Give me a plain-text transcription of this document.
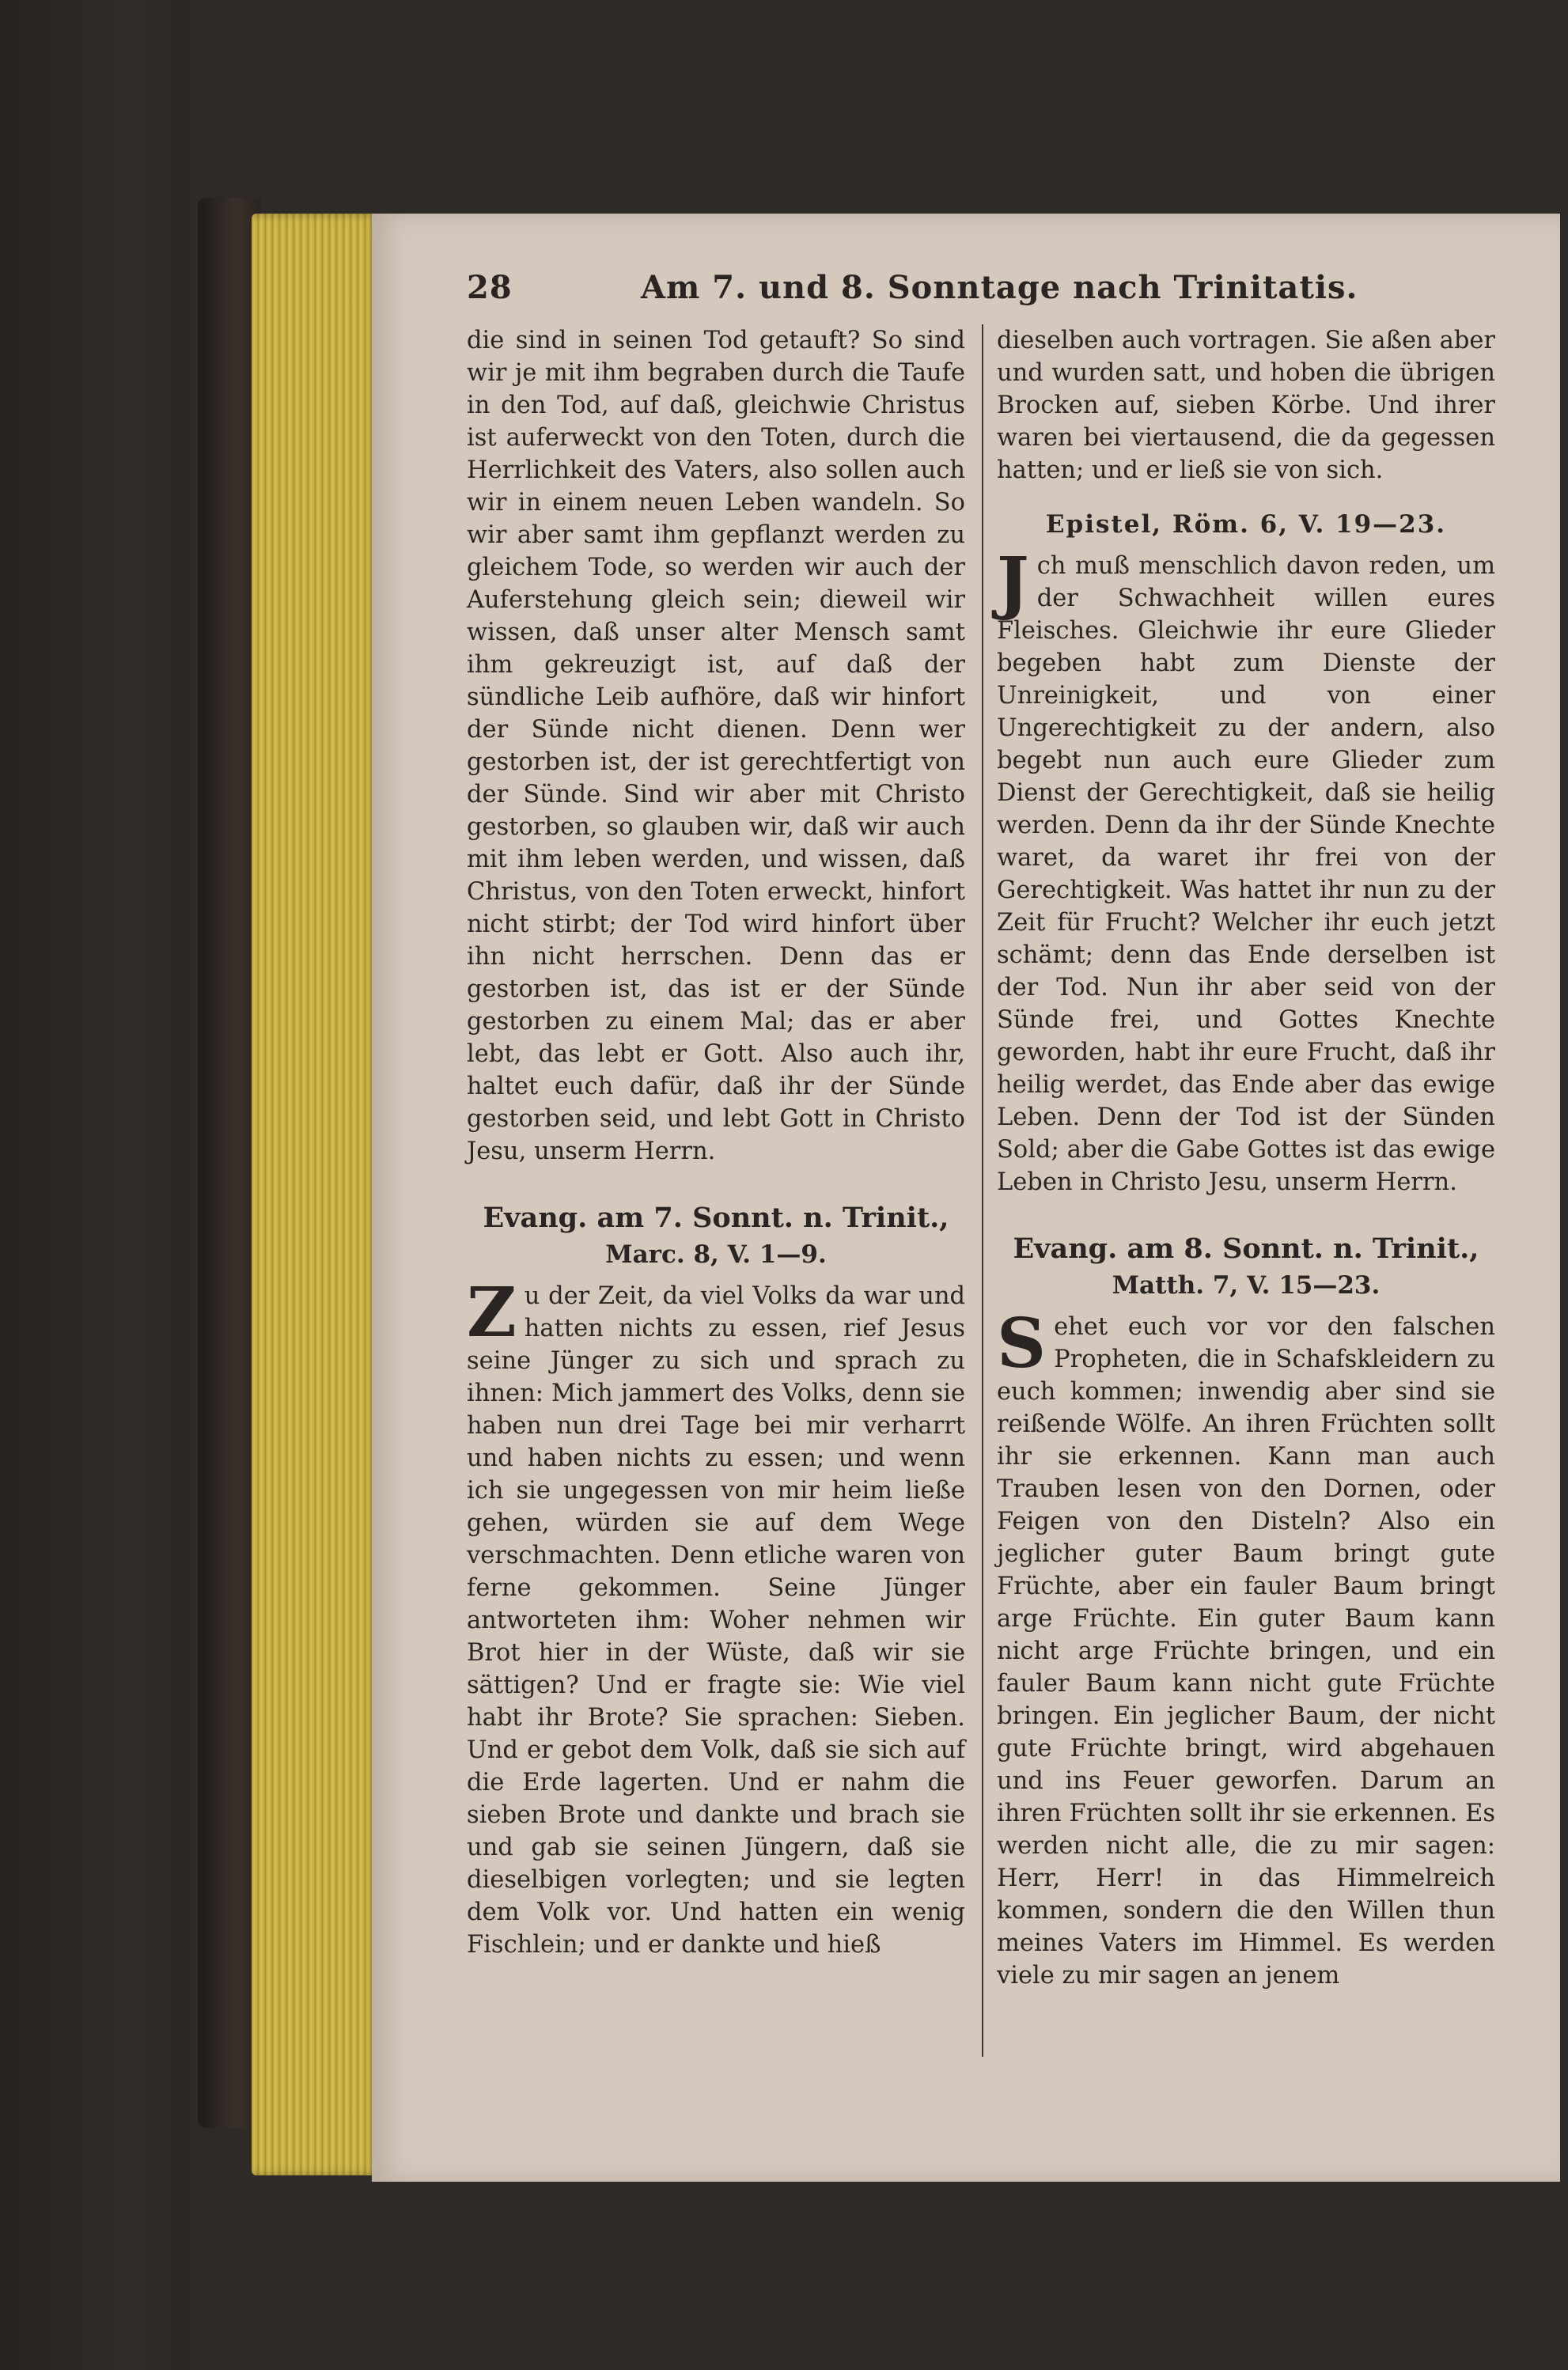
28	Am 7. und 8. Sonntage nach Trinitatis.

die sind in seinen Tod getauft? So sind wir je mit ihm begraben durch die Taufe in den Tod, auf daß, gleichwie Christus ist auferweckt von den Toten, durch die Herrlichkeit des Vaters, also sollen auch wir in einem neuen Leben wandeln. So wir aber samt ihm gepflanzt werden zu gleichem Tode, so werden wir auch der Auferstehung gleich sein; dieweil wir wissen, daß unser alter Mensch samt ihm gekreuzigt ist, auf daß der sündliche Leib aufhöre, daß wir hinfort der Sünde nicht dienen. Denn wer gestorben ist, der ist gerechtfertigt von der Sünde. Sind wir aber mit Christo gestorben, so glauben wir, daß wir auch mit ihm leben werden, und wissen, daß Christus, von den Toten erweckt, hinfort nicht stirbt; der Tod wird hinfort über ihn nicht herrschen. Denn das er gestorben ist, das ist er der Sünde gestorben zu einem Mal; das er aber lebt, das lebt er Gott. Also auch ihr, haltet euch dafür, daß ihr der Sünde gestorben seid, und lebt Gott in Christo Jesu, unserm Herrn.

Evang. am 7. Sonnt. n. Trinit.,
Marc. 8, V. 1—9.

Zu der Zeit, da viel Volks da war und hatten nichts zu essen, rief Jesus seine Jünger zu sich und sprach zu ihnen: Mich jammert des Volks, denn sie haben nun drei Tage bei mir verharrt und haben nichts zu essen; und wenn ich sie ungegessen von mir heim ließe gehen, würden sie auf dem Wege verschmachten. Denn etliche waren von ferne gekommen. Seine Jünger antworteten ihm: Woher nehmen wir Brot hier in der Wüste, daß wir sie sättigen? Und er fragte sie: Wie viel habt ihr Brote? Sie sprachen: Sieben. Und er gebot dem Volk, daß sie sich auf die Erde lagerten. Und er nahm die sieben Brote und dankte und brach sie und gab sie seinen Jüngern, daß sie dieselbigen vorlegten; und sie legten dem Volk vor. Und hatten ein wenig Fischlein; und er dankte und hieß

dieselben auch vortragen. Sie aßen aber und wurden satt, und hoben die übrigen Brocken auf, sieben Körbe. Und ihrer waren bei viertausend, die da gegessen hatten; und er ließ sie von sich.

Epistel, Röm. 6, V. 19—23.

Jch muß menschlich davon reden, um der Schwachheit willen eures Fleisches. Gleichwie ihr eure Glieder begeben habt zum Dienste der Unreinigkeit, und von einer Ungerechtigkeit zu der andern, also begebt nun auch eure Glieder zum Dienst der Gerechtigkeit, daß sie heilig werden. Denn da ihr der Sünde Knechte waret, da waret ihr frei von der Gerechtigkeit. Was hattet ihr nun zu der Zeit für Frucht? Welcher ihr euch jetzt schämt; denn das Ende derselben ist der Tod. Nun ihr aber seid von der Sünde frei, und Gottes Knechte geworden, habt ihr eure Frucht, daß ihr heilig werdet, das Ende aber das ewige Leben. Denn der Tod ist der Sünden Sold; aber die Gabe Gottes ist das ewige Leben in Christo Jesu, unserm Herrn.

Evang. am 8. Sonnt. n. Trinit.,
Matth. 7, V. 15—23.

Sehet euch vor vor den falschen Propheten, die in Schafskleidern zu euch kommen; inwendig aber sind sie reißende Wölfe. An ihren Früchten sollt ihr sie erkennen. Kann man auch Trauben lesen von den Dornen, oder Feigen von den Disteln? Also ein jeglicher guter Baum bringt gute Früchte, aber ein fauler Baum bringt arge Früchte. Ein guter Baum kann nicht arge Früchte bringen, und ein fauler Baum kann nicht gute Früchte bringen. Ein jeglicher Baum, der nicht gute Früchte bringt, wird abgehauen und ins Feuer geworfen. Darum an ihren Früchten sollt ihr sie erkennen. Es werden nicht alle, die zu mir sagen: Herr, Herr! in das Himmelreich kommen, sondern die den Willen thun meines Vaters im Himmel. Es werden viele zu mir sagen an jenem
